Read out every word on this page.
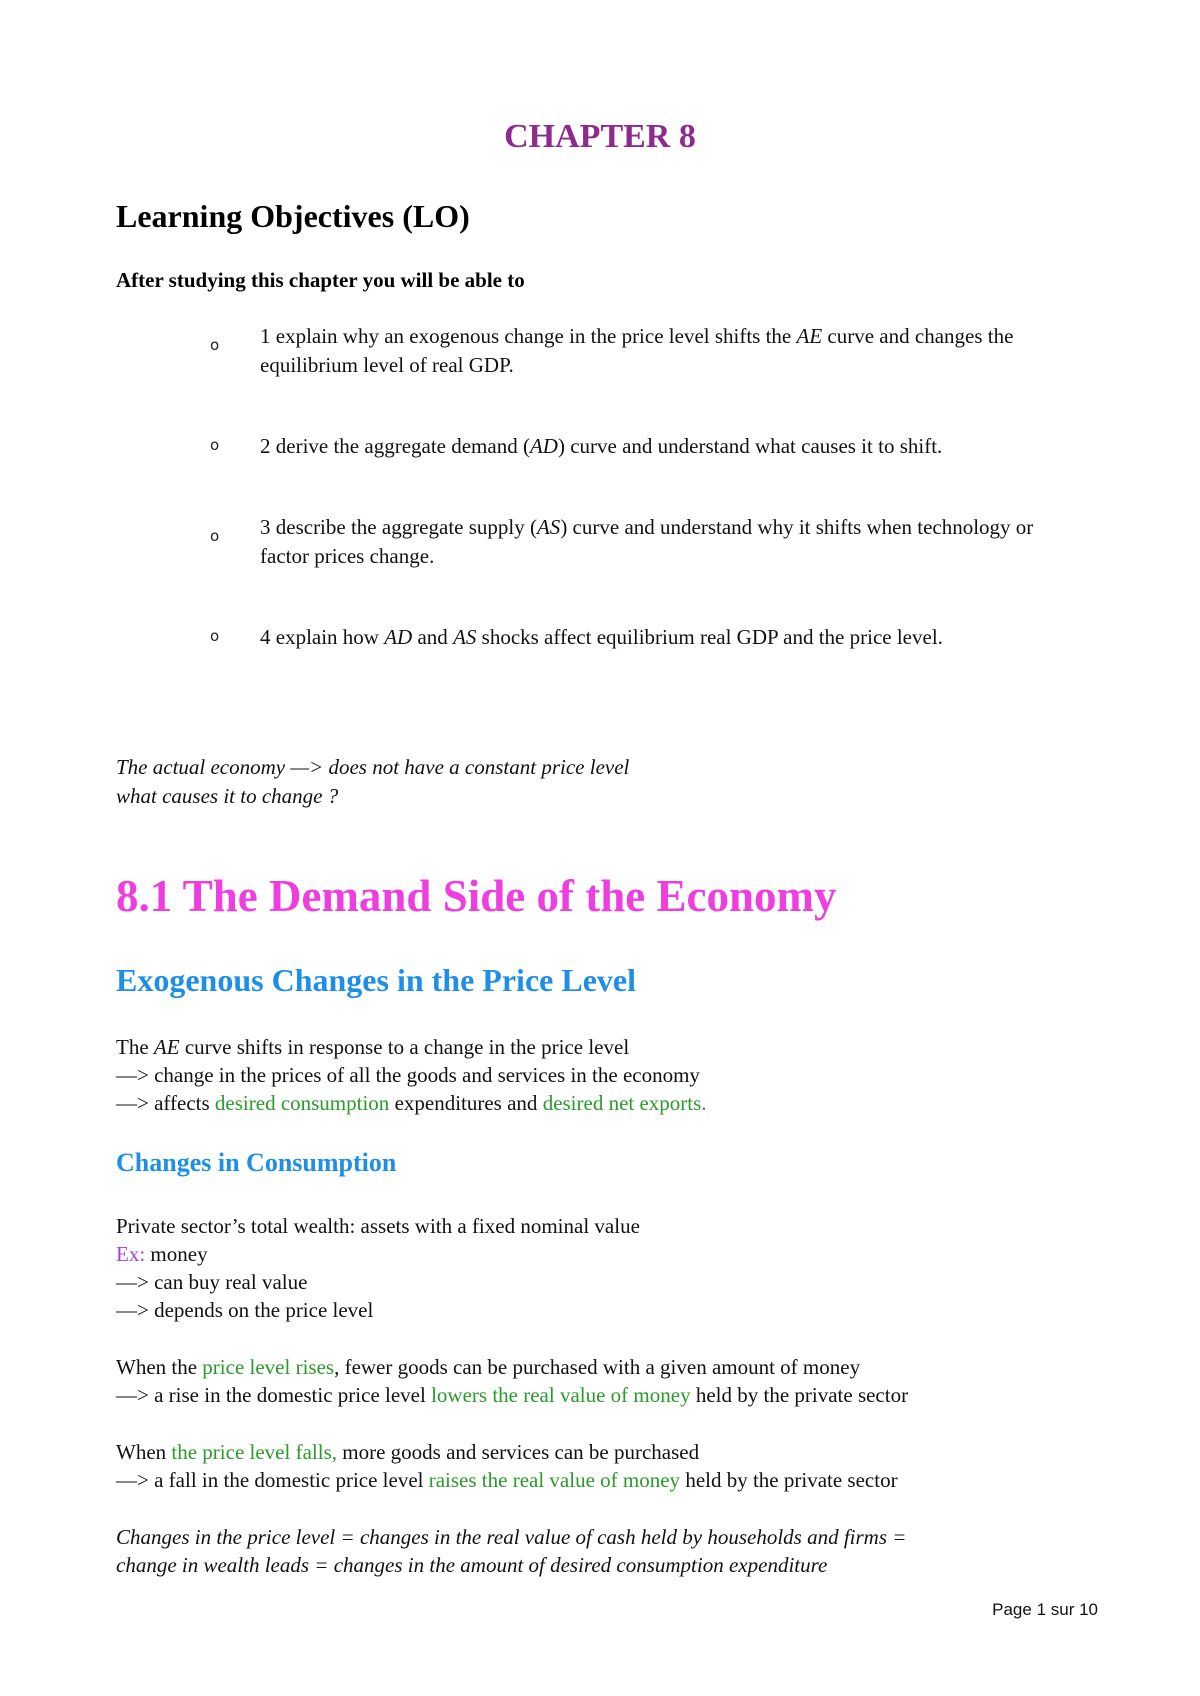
CHAPTER 8
Learning Objectives (LO)
After studying this chapter you will be able to
o 1 explain why an exogenous change in the price level shifts the AE curve and changes the equilibrium level of real GDP.
o 2 derive the aggregate demand (AD) curve and understand what causes it to shift.
o 3 describe the aggregate supply (AS) curve and understand why it shifts when technology or factor prices change.
o 4 explain how AD and AS shocks affect equilibrium real GDP and the price level.
The actual economy —> does not have a constant price level
what causes it to change ?
8.1 The Demand Side of the Economy
Exogenous Changes in the Price Level
The AE curve shifts in response to a change in the price level
—> change in the prices of all the goods and services in the economy
—> affects desired consumption expenditures and desired net exports.
Changes in Consumption
Private sector’s total wealth: assets with a fixed nominal value
Ex: money
—> can buy real value
—> depends on the price level
When the price level rises, fewer goods can be purchased with a given amount of money
—> a rise in the domestic price level lowers the real value of money held by the private sector
When the price level falls, more goods and services can be purchased
—> a fall in the domestic price level raises the real value of money held by the private sector
Changes in the price level = changes in the real value of cash held by households and firms =
change in wealth leads = changes in the amount of desired consumption expenditure
Page 1 sur 10
